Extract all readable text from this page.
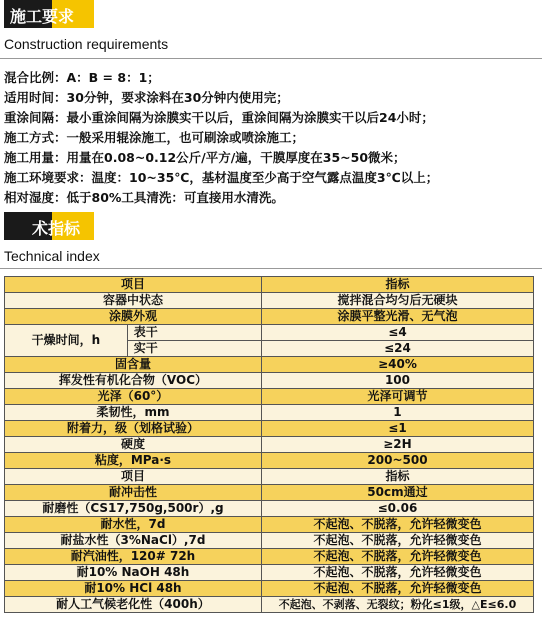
施工要求
Construction requirements
混合比例：A：B = 8：1；
适用时间：30分钟，要求涂料在30分钟内使用完；
重涂间隔：最小重涂间隔为涂膜实干以后，重涂间隔为涂膜实干以后24小时；
施工方式：一般采用辊涂施工，也可刷涂或喷涂施工；
施工用量：用量在0.08~0.12公斤/平方/遍，干膜厚度在35~50微米；
施工环境要求：温度：10~35℃，基材温度至少高于空气露点温度3℃以上；
相对湿度：低于80%工具清洗：可直接用水清洗。
术指标
Technical index
项目		指标
容器中状态		搅拌混合均匀后无硬块
涂膜外观		涂膜平整光滑、无气泡
干燥时间，h	表干	≤4
	实干	≤24
固含量		≥40%
挥发性有机化合物（VOC）		100
光泽（60°）		光泽可调节
柔韧性，mm		1
附着力，级（划格试验）		≤1
硬度		≥2H
粘度，MPa·s		200~500
项目		指标
耐冲击性		50cm通过
耐磨性（CS17,750g,500r）,g		≤0.06
耐水性，7d		不起泡、不脱落，允许轻微变色
耐盐水性（3%NaCl）,7d		不起泡、不脱落，允许轻微变色
耐汽油性，120# 72h		不起泡、不脱落，允许轻微变色
耐10% NaOH 48h		不起泡、不脱落，允许轻微变色
耐10% HCl 48h		不起泡、不脱落，允许轻微变色
耐人工气候老化性（400h）		不起泡、不剥落、无裂纹；粉化≤1级，△E≤6.0
